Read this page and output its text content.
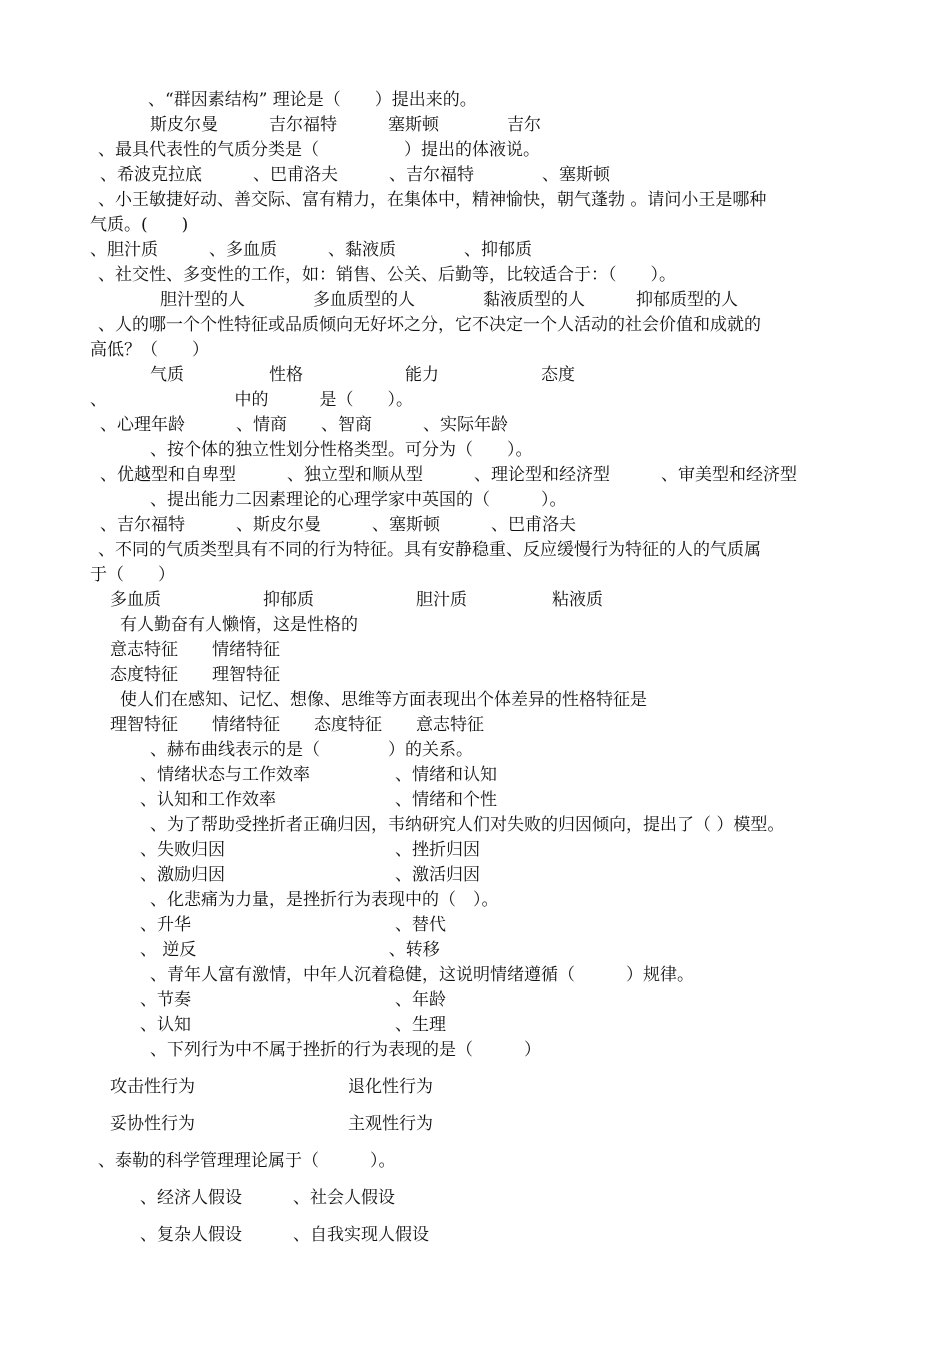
、“群因素结构” 理论是（　　）提出来的。
斯皮尔曼　　　吉尔福特　　　塞斯顿　　　　吉尔
、最具代表性的气质分类是（　　　　　）提出的体液说。
、希波克拉底　　　、巴甫洛夫　　　、吉尔福特　　　　、塞斯顿
、小王敏捷好动、善交际、富有精力，在集体中，精神愉快，朝气蓬勃 。请问小王是哪种
气质。(　　)
、胆汁质　　　、多血质　　　、黏液质　　　　、抑郁质
、社交性、多变性的工作，如：销售、公关、后勤等，比较适合于：（　　）。
胆汁型的人　　　　多血质型的人　　　　黏液质型的人　　　抑郁质型的人
、人的哪一个个性特征或品质倾向无好坏之分，它不决定一个人活动的社会价值和成就的
高低？（　　）
气质　　　　　性格　　　　　　能力　　　　　　态度
、　　　　　　　　中的　　　是（　　）。
、心理年龄　　　、情商　　、智商　　　、实际年龄
、按个体的独立性划分性格类型。可分为（　　）。
、优越型和自卑型　　　、独立型和顺从型　　　、理论型和经济型　　　、审美型和经济型
、提出能力二因素理论的心理学家中英国的（　　　）。
、吉尔福特　　　、斯皮尔曼　　　、塞斯顿　　　、巴甫洛夫
、不同的气质类型具有不同的行为特征。具有安静稳重、反应缓慢行为特征的人的气质属
于（　　）
多血质　　　　　　抑郁质　　　　　　胆汁质　　　　　粘液质
有人勤奋有人懒惰，这是性格的
意志特征　　情绪特征
态度特征　　理智特征
使人们在感知、记忆、想像、思维等方面表现出个体差异的性格特征是
理智特征　　情绪特征　　态度特征　　意志特征
、赫布曲线表示的是（　　　　）的关系。
、情绪状态与工作效率　　　　　、情绪和认知
、认知和工作效率　　　　　　　、情绪和个性
、为了帮助受挫折者正确归因，韦纳研究人们对失败的归因倾向，提出了（ ）模型。
、失败归因　　　　　　　　　　、挫折归因
、激励归因　　　　　　　　　　、激活归因
、化悲痛为力量，是挫折行为表现中的（　）。
、升华　　　　　　　　　　　　、替代
、 逆反　　　　　　　　　　　 、转移
、青年人富有激情，中年人沉着稳健，这说明情绪遵循（　　　）规律。
、节奏　　　　　　　　　　　　、年龄
、认知　　　　　　　　　　　　、生理
、下列行为中不属于挫折的行为表现的是（　　　）
攻击性行为　　　　　　　　　退化性行为
妥协性行为　　　　　　　　　主观性行为
、泰勒的科学管理理论属于（　　　）。
、经济人假设　　　、社会人假设
、复杂人假设　　　、自我实现人假设
